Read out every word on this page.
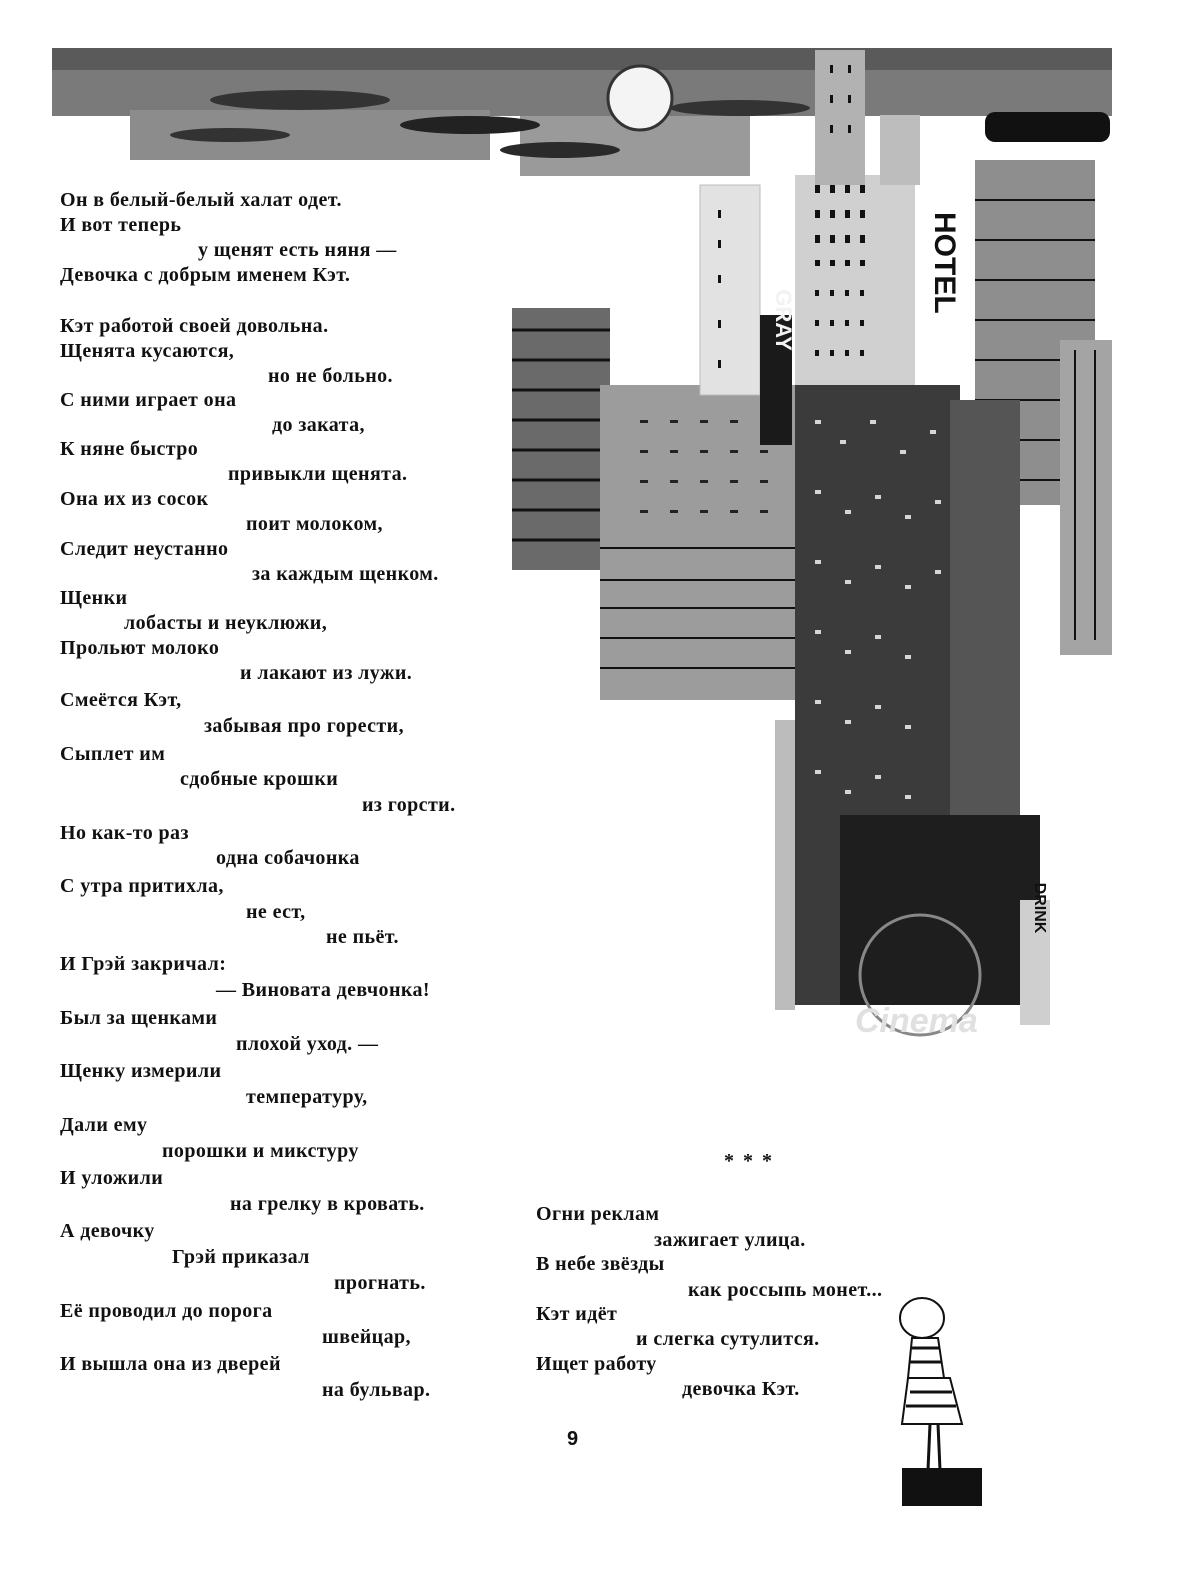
GRAY
HOTEL
Cinema
DRINK
Он в белый-белый халат одет.
И вот теперь
у щенят есть няня —
Девочка с добрым именем Кэт.
Кэт работой своей довольна.
Щенята кусаются,
но не больно.
С ними играет она
до заката,
К няне быстро
привыкли щенята.
Она их из сосок
поит молоком,
Следит неустанно
за каждым щенком.
Щенки
лобасты и неуклюжи,
Прольют молоко
и лакают из лужи.
Смеётся Кэт,
забывая про горести,
Сыплет им
сдобные крошки
из горсти.
Но как-то раз
одна собачонка
С утра притихла,
не ест,
не пьёт.
И Грэй закричал:
— Виновата девчонка!
Был за щенками
плохой уход. —
Щенку измерили
температуру,
Дали ему
порошки и микстуру
И уложили
на грелку в кровать.
А девочку
Грэй приказал
прогнать.
Её проводил до порога
швейцар,
И вышла она из дверей
на бульвар.
* * *
Огни реклам
зажигает улица.
В небе звёзды
как россыпь монет...
Кэт идёт
и слегка сутулится.
Ищет работу
девочка Кэт.
9
